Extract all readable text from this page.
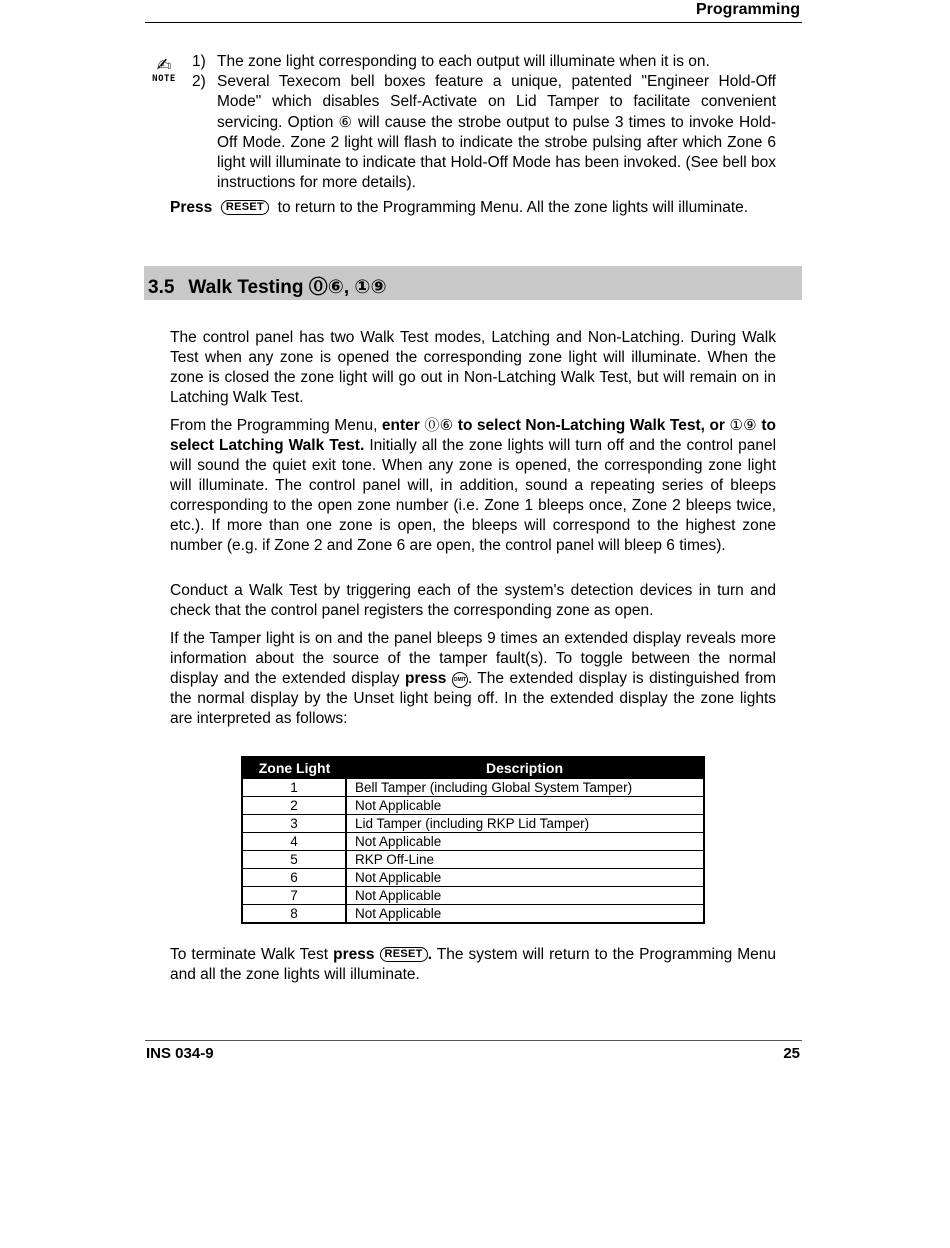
Programming
✍
NOTE
1) The zone light corresponding to each output will illuminate when it is on.
2) Several Texecom bell boxes feature a unique, patented "Engineer Hold-Off Mode" which disables Self-Activate on Lid Tamper to facilitate convenient servicing. Option ⑥ will cause the strobe output to pulse 3 times to invoke Hold-Off Mode. Zone 2 light will flash to indicate the strobe pulsing after which Zone 6 light will illuminate to indicate that Hold-Off Mode has been invoked. (See bell box instructions for more details).
Press RESET to return to the Programming Menu. All the zone lights will illuminate.
3.5 Walk Testing ⓪⑥, ①⑨
The control panel has two Walk Test modes, Latching and Non-Latching. During Walk Test when any zone is opened the corresponding zone light will illuminate. When the zone is closed the zone light will go out in Non-Latching Walk Test, but will remain on in Latching Walk Test.
From the Programming Menu, enter ⓪⑥ to select Non-Latching Walk Test, or ①⑨ to select Latching Walk Test. Initially all the zone lights will turn off and the control panel will sound the quiet exit tone. When any zone is opened, the corresponding zone light will illuminate. The control panel will, in addition, sound a repeating series of bleeps corresponding to the open zone number (i.e. Zone 1 bleeps once, Zone 2 bleeps twice, etc.). If more than one zone is open, the bleeps will correspond to the highest zone number (e.g. if Zone 2 and Zone 6 are open, the control panel will bleep 6 times).
Conduct a Walk Test by triggering each of the system's detection devices in turn and check that the control panel registers the corresponding zone as open.
If the Tamper light is on and the panel bleeps 9 times an extended display reveals more information about the source of the tamper fault(s). To toggle between the normal display and the extended display press OMIT . The extended display is distinguished from the normal display by the Unset light being off. In the extended display the zone lights are interpreted as follows:
Zone Light	Description
1	Bell Tamper (including Global System Tamper)
2	Not Applicable
3	Lid Tamper (including RKP Lid Tamper)
4	Not Applicable
5	RKP Off-Line
6	Not Applicable
7	Not Applicable
8	Not Applicable
To terminate Walk Test press RESET . The system will return to the Programming Menu and all the zone lights will illuminate.
INS 034-9	25
